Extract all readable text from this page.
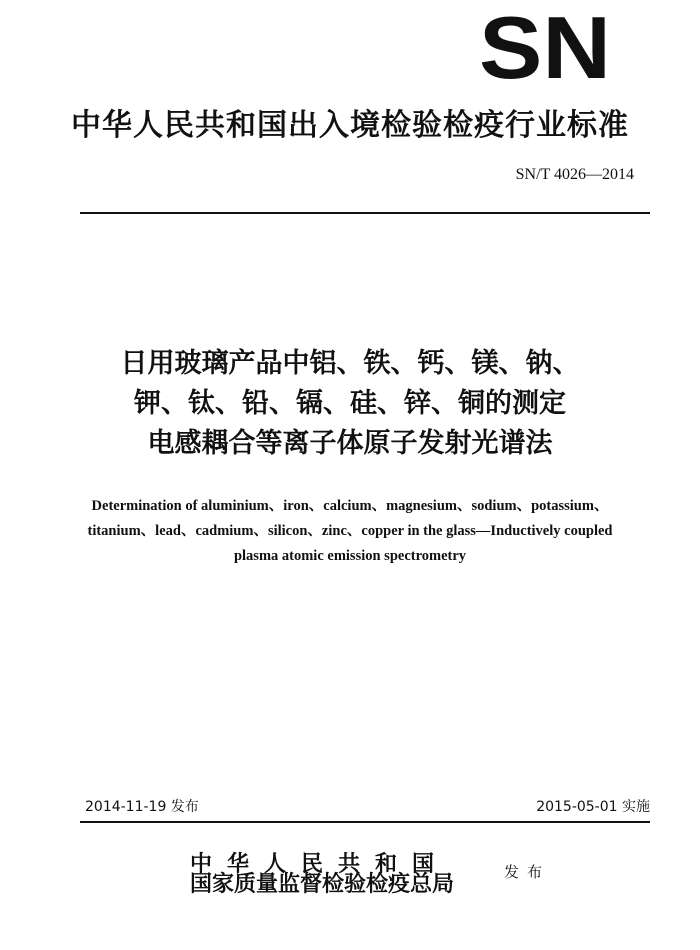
SN
中华人民共和国出入境检验检疫行业标准
SN/T 4026—2014
日用玻璃产品中铝、铁、钙、镁、钠、
钾、钛、铅、镉、硅、锌、铜的测定
电感耦合等离子体原子发射光谱法
Determination of aluminium、iron、calcium、magnesium、sodium、potassium、
titanium、lead、cadmium、silicon、zinc、copper in the glass—Inductively coupled
plasma atomic emission spectrometry
2014-11-19 发布	2015-05-01 实施
中华人民共和国
国家质量监督检验检疫总局	发布
